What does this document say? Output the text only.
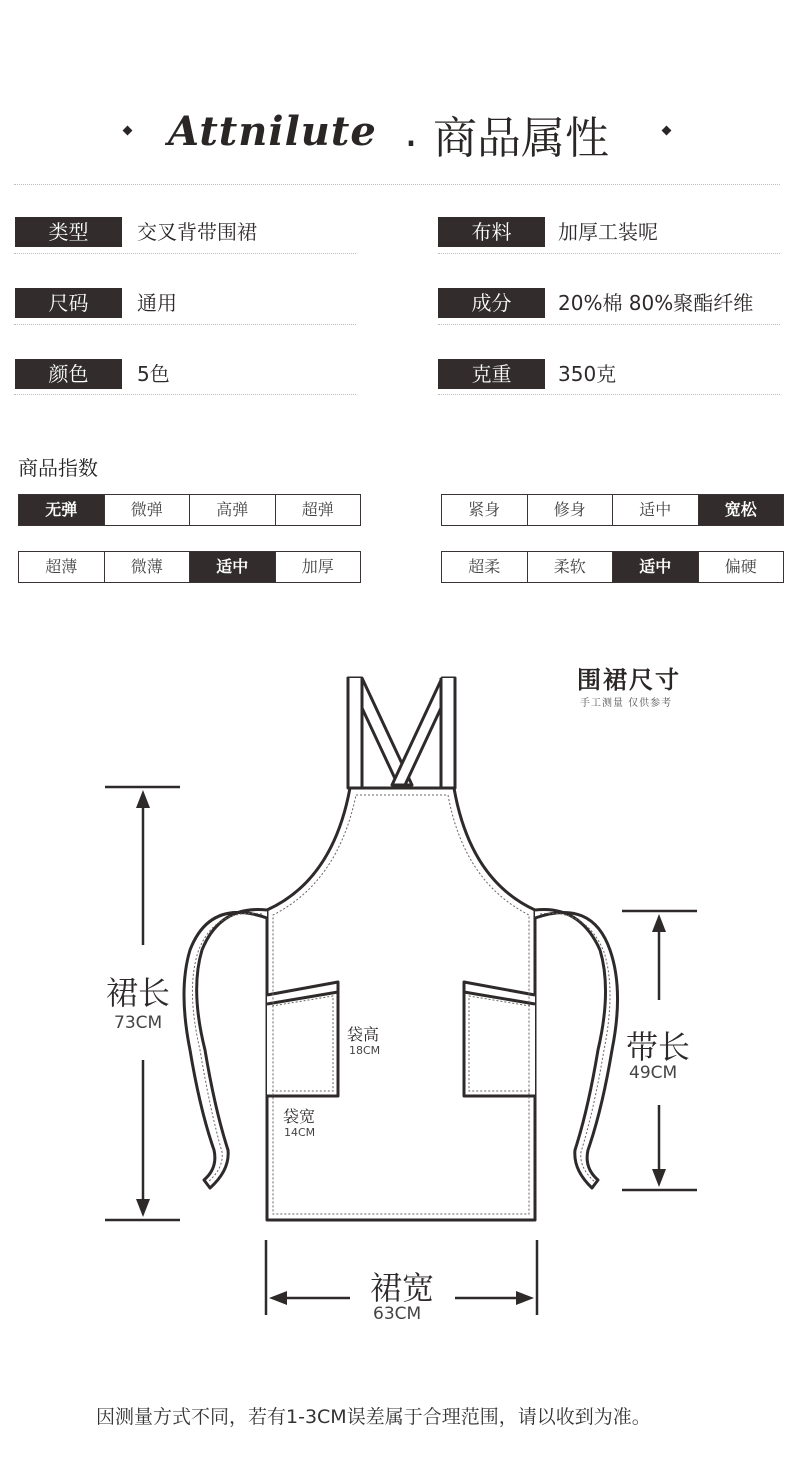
Attnilute . 商品属性
类型	交叉背带围裙	布料	加厚工装呢
尺码	通用	成分	20%棉 80%聚酯纤维
颜色	5色	克重	350克
商品指数
无弹	微弹	高弹	超弹	紧身	修身	适中	宽松
超薄	微薄	适中	加厚	超柔	柔软	适中	偏硬
围裙尺寸
手工测量 仅供参考
裙长
73CM
带长
49CM
袋高
18CM
袋宽
14CM
裙宽
63CM
因测量方式不同，若有1-3CM误差属于合理范围，请以收到为准。
